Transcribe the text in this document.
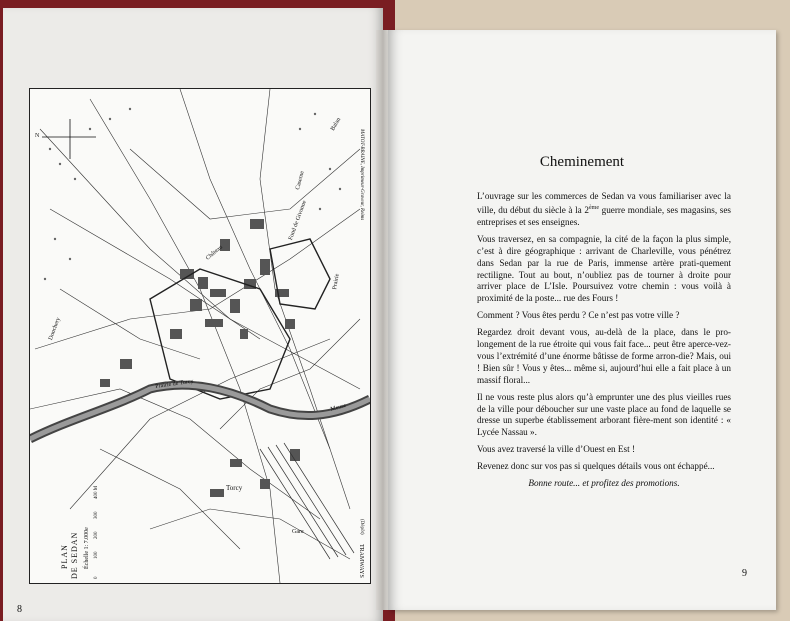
N
PLAN DE SEDAN Échelle 1: 7.000e
0
100
200
300
400 M
MATOT-BRAINE, Imprimeur-Graveur, Reims
(Dépôt)
TRAMWAYS
Prairie de Torcy
Prairie
Torcy
Gare
Meuse
Donchery
Fond de Givonne
Balan
Caserne
Château
8
Cheminement

L’ouvrage sur les commerces de Sedan va vous familiariser avec la ville, du début du siècle à la 2ème guerre mondiale, ses magasins, ses entreprises et ses enseignes.

Vous traversez, en sa compagnie, la cité de la façon la plus simple, c’est à dire géographique : arrivant de Charleville, vous pénétrez dans Sedan par la rue de Paris, immense artère prati-quement rectiligne. Tout au bout, n’oubliez pas de tourner à droite pour arriver place de L’Isle. Poursuivez votre chemin : vous voilà à proximité de la poste... rue des Fours !

Comment ? Vous êtes perdu ? Ce n’est pas votre ville ?

Regardez droit devant vous, au-delà de la place, dans le pro-longement de la rue étroite qui vous fait face... peut être aperce-vez-vous l’extrémité d’une énorme bâtisse de forme arron-die? Mais, oui ! Bien sûr ! Vous y êtes... même si, aujourd’hui elle a fait place à un massif floral...

Il ne vous reste plus alors qu’à emprunter une des plus vieilles rues de la ville pour déboucher sur une vaste place au fond de laquelle se dresse un superbe établissement arborant fière-ment son identité : « Lycée Nassau ».

Vous avez traversé la ville d’Ouest en Est !

Revenez donc sur vos pas si quelques détails vous ont échappé...

Bonne route... et profitez des promotions.

9
